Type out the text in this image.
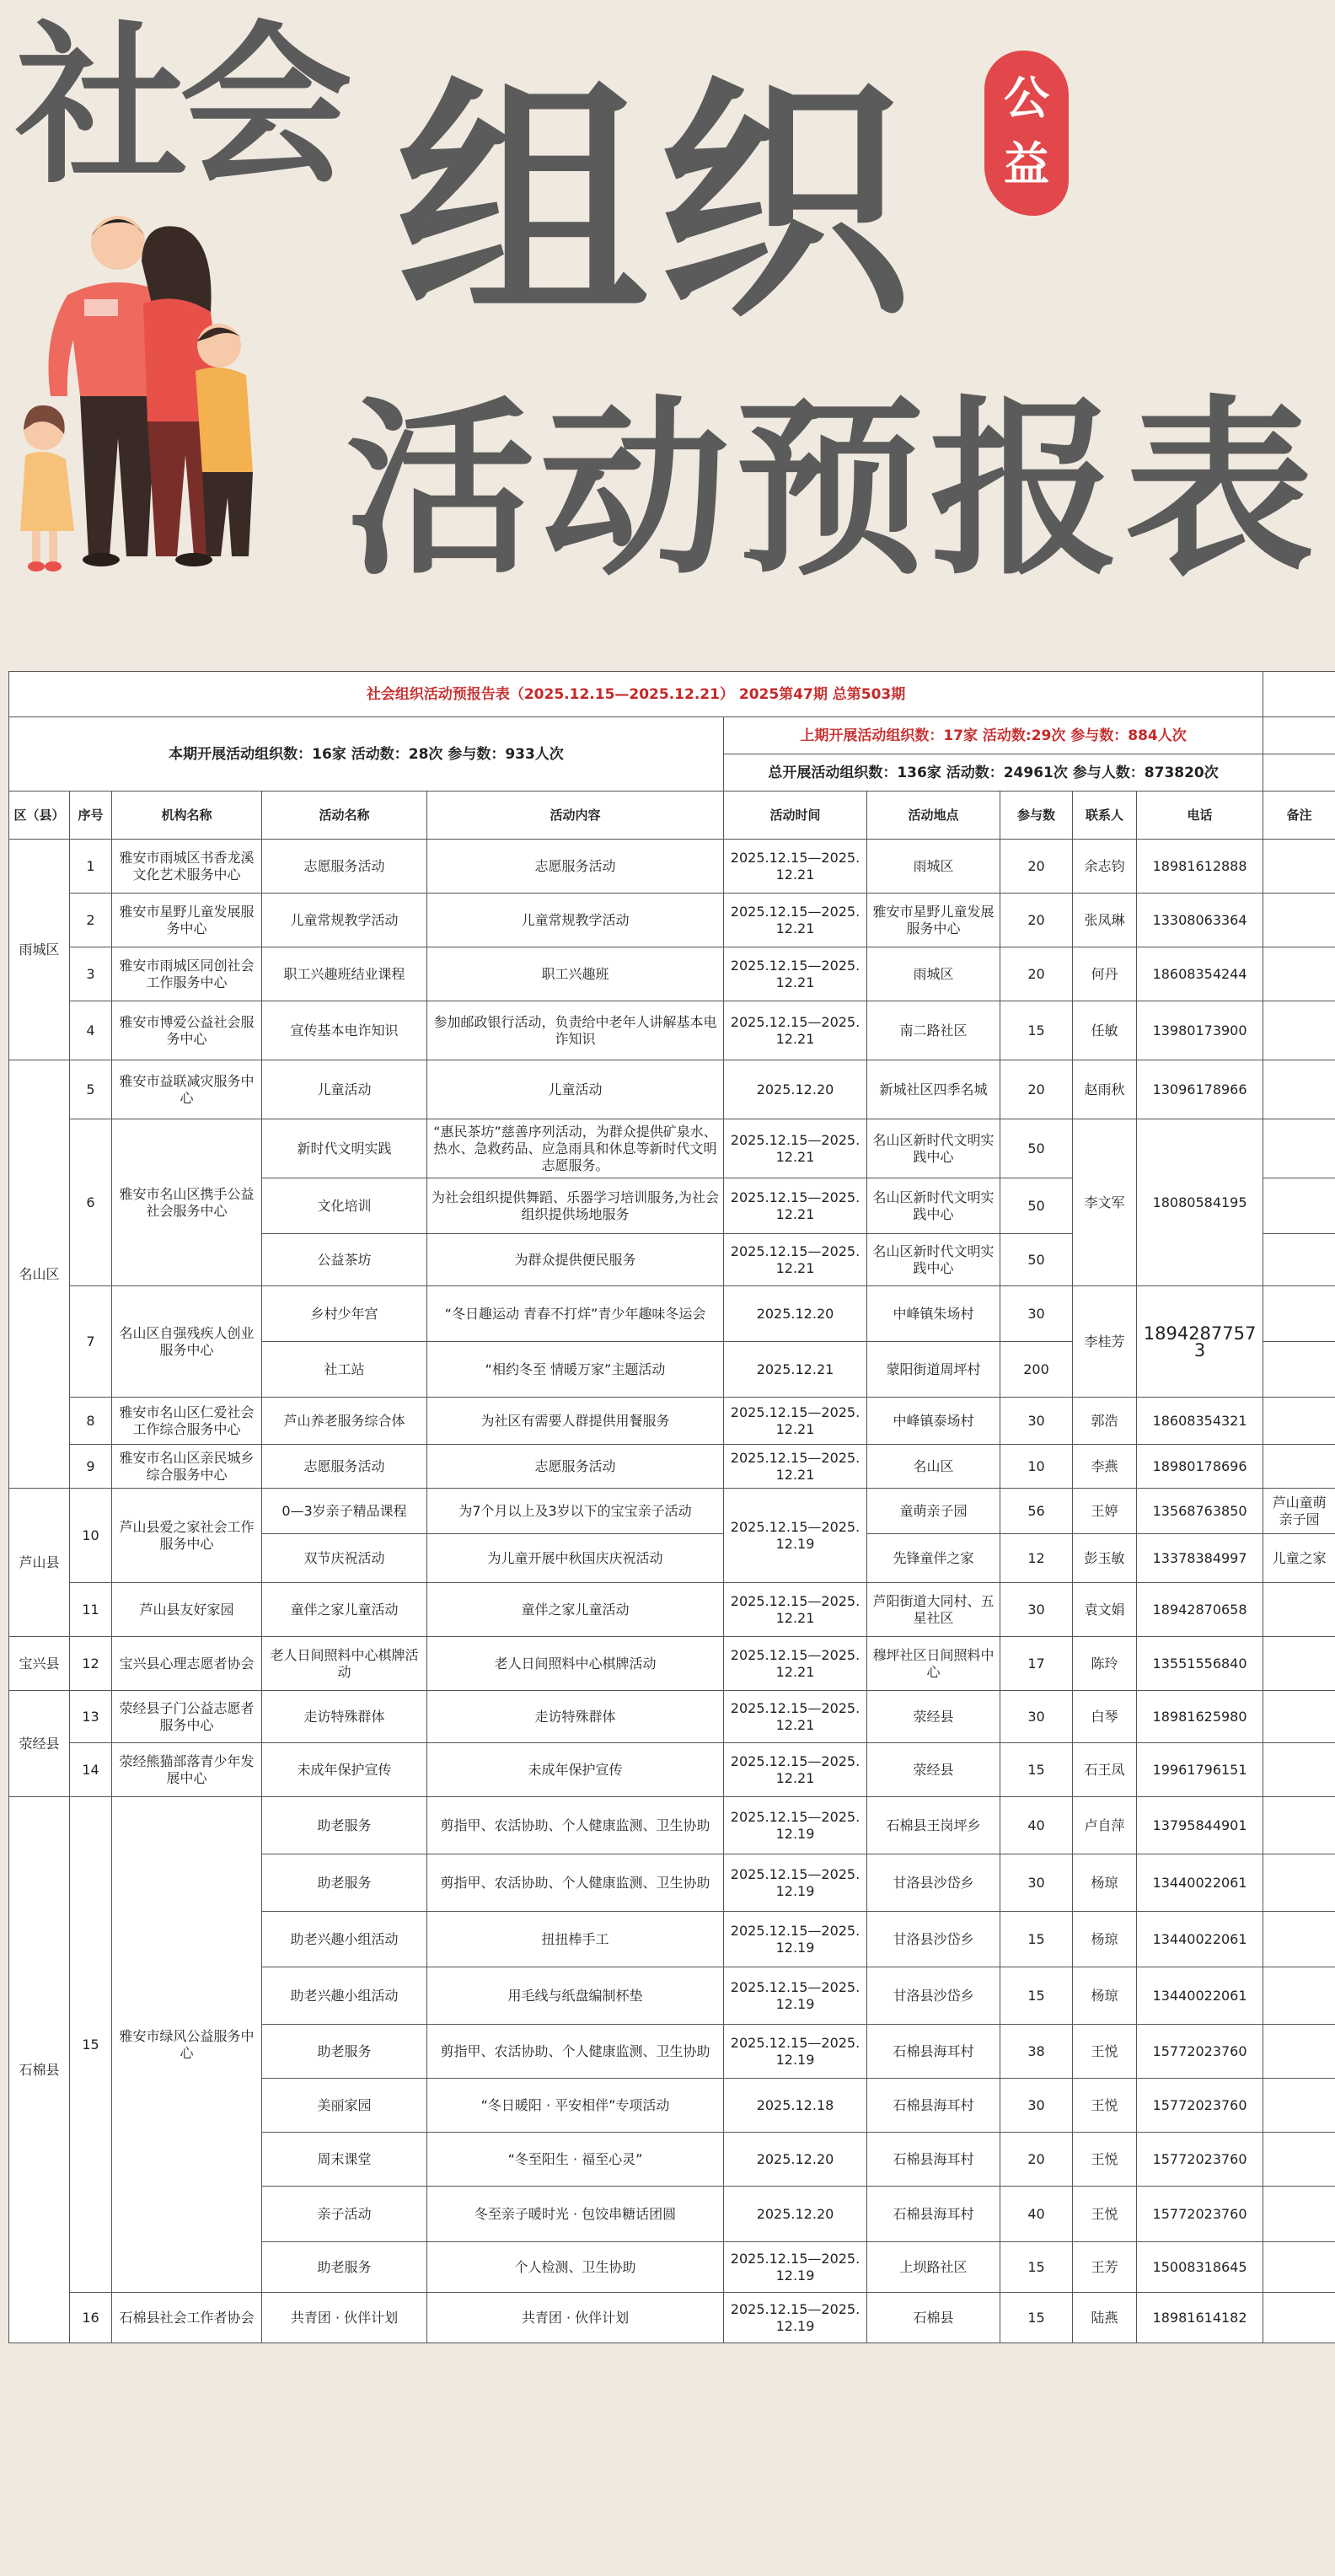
社会 组织
活动预报表
公
益
社会组织活动预报告表（2025.12.15—2025.12.21） 2025第47期 总第503期										
本期开展活动组织数：16家 活动数：28次 参与数：933人次					上期开展活动组织数：17家 活动数:29次 参与数：884人次					
					总开展活动组织数：136家 活动数：24961次 参与人数：873820次					
区（县）	序号	机构名称	活动名称	活动内容	活动时间	活动地点	参与数	联系人	电话	备注
雨城区	1	雅安市雨城区书香龙溪文化艺术服务中心	志愿服务活动	志愿服务活动	2025.12.15—2025.12.21	雨城区	20	余志钧	18981612888	
	2	雅安市星野儿童发展服务中心	儿童常规教学活动	儿童常规教学活动	2025.12.15—2025.12.21	雅安市星野儿童发展服务中心	20	张凤琳	13308063364	
	3	雅安市雨城区同创社会工作服务中心	职工兴趣班结业课程	职工兴趣班	2025.12.15—2025.12.21	雨城区	20	何丹	18608354244	
	4	雅安市博爱公益社会服务中心	宣传基本电诈知识	参加邮政银行活动，负责给中老年人讲解基本电诈知识	2025.12.15—2025.12.21	南二路社区	15	任敏	13980173900	
名山区	5	雅安市益联减灾服务中心	儿童活动	儿童活动	2025.12.20	新城社区四季名城	20	赵雨秋	13096178966	
	6	雅安市名山区携手公益社会服务中心	新时代文明实践	“惠民茶坊”慈善序列活动，为群众提供矿泉水、热水、急救药品、应急雨具和休息等新时代文明志愿服务。	2025.12.15—2025.12.21	名山区新时代文明实践中心	50	李文军	18080584195	
			文化培训	为社会组织提供舞蹈、乐器学习培训服务,为社会组织提供场地服务	2025.12.15—2025.12.21	名山区新时代文明实践中心	50			
			公益茶坊	为群众提供便民服务	2025.12.15—2025.12.21	名山区新时代文明实践中心	50			
	7	名山区自强残疾人创业服务中心	乡村少年宫	“冬日趣运动 青春不打烊”青少年趣味冬运会	2025.12.20	中峰镇朱场村	30	李桂芳	18942877573	
			社工站	“相约冬至 情暖万家”主题活动	2025.12.21	蒙阳街道周坪村	200			
	8	雅安市名山区仁爱社会工作综合服务中心	芦山养老服务综合体	为社区有需要人群提供用餐服务	2025.12.15—2025.12.21	中峰镇泰场村	30	郭浩	18608354321	
	9	雅安市名山区亲民城乡综合服务中心	志愿服务活动	志愿服务活动	2025.12.15—2025.12.21	名山区	10	李燕	18980178696	
芦山县	10	芦山县爱之家社会工作服务中心	0—3岁亲子精品课程	为7个月以上及3岁以下的宝宝亲子活动	2025.12.15—2025.12.19	童萌亲子园	56	王婷	13568763850	芦山童萌亲子园
			双节庆祝活动	为儿童开展中秋国庆庆祝活动		先锋童伴之家	12	彭玉敏	13378384997	儿童之家
	11	芦山县友好家园	童伴之家儿童活动	童伴之家儿童活动	2025.12.15—2025.12.21	芦阳街道大同村、五星社区	30	袁文娟	18942870658	
宝兴县	12	宝兴县心理志愿者协会	老人日间照料中心棋牌活动	老人日间照料中心棋牌活动	2025.12.15—2025.12.21	穆坪社区日间照料中心	17	陈玲	13551556840	
荥经县	13	荥经县子门公益志愿者服务中心	走访特殊群体	走访特殊群体	2025.12.15—2025.12.21	荥经县	30	白琴	18981625980	
	14	荥经熊猫部落青少年发展中心	未成年保护宣传	未成年保护宣传	2025.12.15—2025.12.21	荥经县	15	石王凤	19961796151	
石棉县	15	雅安市绿风公益服务中心	助老服务	剪指甲、农活协助、个人健康监测、卫生协助	2025.12.15—2025.12.19	石棉县王岗坪乡	40	卢自萍	13795844901	
			助老服务	剪指甲、农活协助、个人健康监测、卫生协助	2025.12.15—2025.12.19	甘洛县沙岱乡	30	杨琼	13440022061	
			助老兴趣小组活动	扭扭棒手工	2025.12.15—2025.12.19	甘洛县沙岱乡	15	杨琼	13440022061	
			助老兴趣小组活动	用毛线与纸盘编制杯垫	2025.12.15—2025.12.19	甘洛县沙岱乡	15	杨琼	13440022061	
			助老服务	剪指甲、农活协助、个人健康监测、卫生协助	2025.12.15—2025.12.19	石棉县海耳村	38	王悦	15772023760	
			美丽家园	“冬日暖阳 · 平安相伴”专项活动	2025.12.18	石棉县海耳村	30	王悦	15772023760	
			周末课堂	“冬至阳生 · 福至心灵”	2025.12.20	石棉县海耳村	20	王悦	15772023760	
			亲子活动	冬至亲子暖时光 · 包饺串糖话团圆	2025.12.20	石棉县海耳村	40	王悦	15772023760	
			助老服务	个人检测、卫生协助	2025.12.15—2025.12.19	上坝路社区	15	王芳	15008318645	
	16	石棉县社会工作者协会	共青团 · 伙伴计划	共青团 · 伙伴计划	2025.12.15—2025.12.19	石棉县	15	陆燕	18981614182	
